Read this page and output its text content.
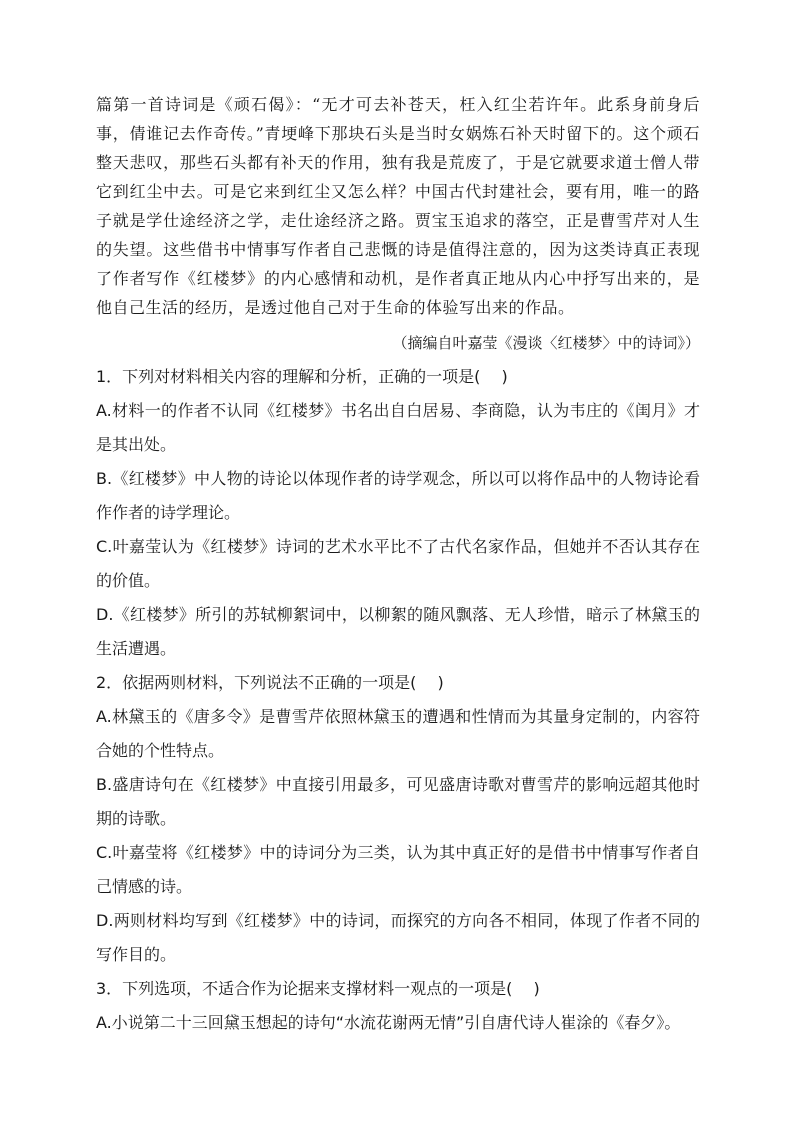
篇第一首诗词是《顽石偈》：“无才可去补苍天，枉入红尘若许年。此系身前身后事，倩谁记去作奇传。”青埂峰下那块石头是当时女娲炼石补天时留下的。这个顽石整天悲叹，那些石头都有补天的作用，独有我是荒废了，于是它就要求道士僧人带它到红尘中去。可是它来到红尘又怎么样？中国古代封建社会，要有用，唯一的路子就是学仕途经济之学，走仕途经济之路。贾宝玉追求的落空，正是曹雪芹对人生的失望。这些借书中情事写作者自己悲慨的诗是值得注意的，因为这类诗真正表现了作者写作《红楼梦》的内心感情和动机，是作者真正地从内心中抒写出来的，是他自己生活的经历，是透过他自己对于生命的体验写出来的作品。

（摘编自叶嘉莹《漫谈〈红楼梦〉中的诗词》）

1．下列对材料相关内容的理解和分析，正确的一项是(　 )

A.材料一的作者不认同《红楼梦》书名出自白居易、李商隐，认为韦庄的《闺月》才是其出处。

B.《红楼梦》中人物的诗论以体现作者的诗学观念，所以可以将作品中的人物诗论看作作者的诗学理论。

C.叶嘉莹认为《红楼梦》诗词的艺术水平比不了古代名家作品，但她并不否认其存在的价值。

D.《红楼梦》所引的苏轼柳絮词中，以柳絮的随风飘落、无人珍惜，暗示了林黛玉的生活遭遇。

2．依据两则材料，下列说法不正确的一项是(　 )

A.林黛玉的《唐多令》是曹雪芹依照林黛玉的遭遇和性情而为其量身定制的，内容符合她的个性特点。

B.盛唐诗句在《红楼梦》中直接引用最多，可见盛唐诗歌对曹雪芹的影响远超其他时期的诗歌。

C.叶嘉莹将《红楼梦》中的诗词分为三类，认为其中真正好的是借书中情事写作者自己情感的诗。

D.两则材料均写到《红楼梦》中的诗词，而探究的方向各不相同，体现了作者不同的写作目的。

3．下列选项，不适合作为论据来支撑材料一观点的一项是(　 )

A.小说第二十三回黛玉想起的诗句“水流花谢两无情”引自唐代诗人崔涂的《春夕》。
